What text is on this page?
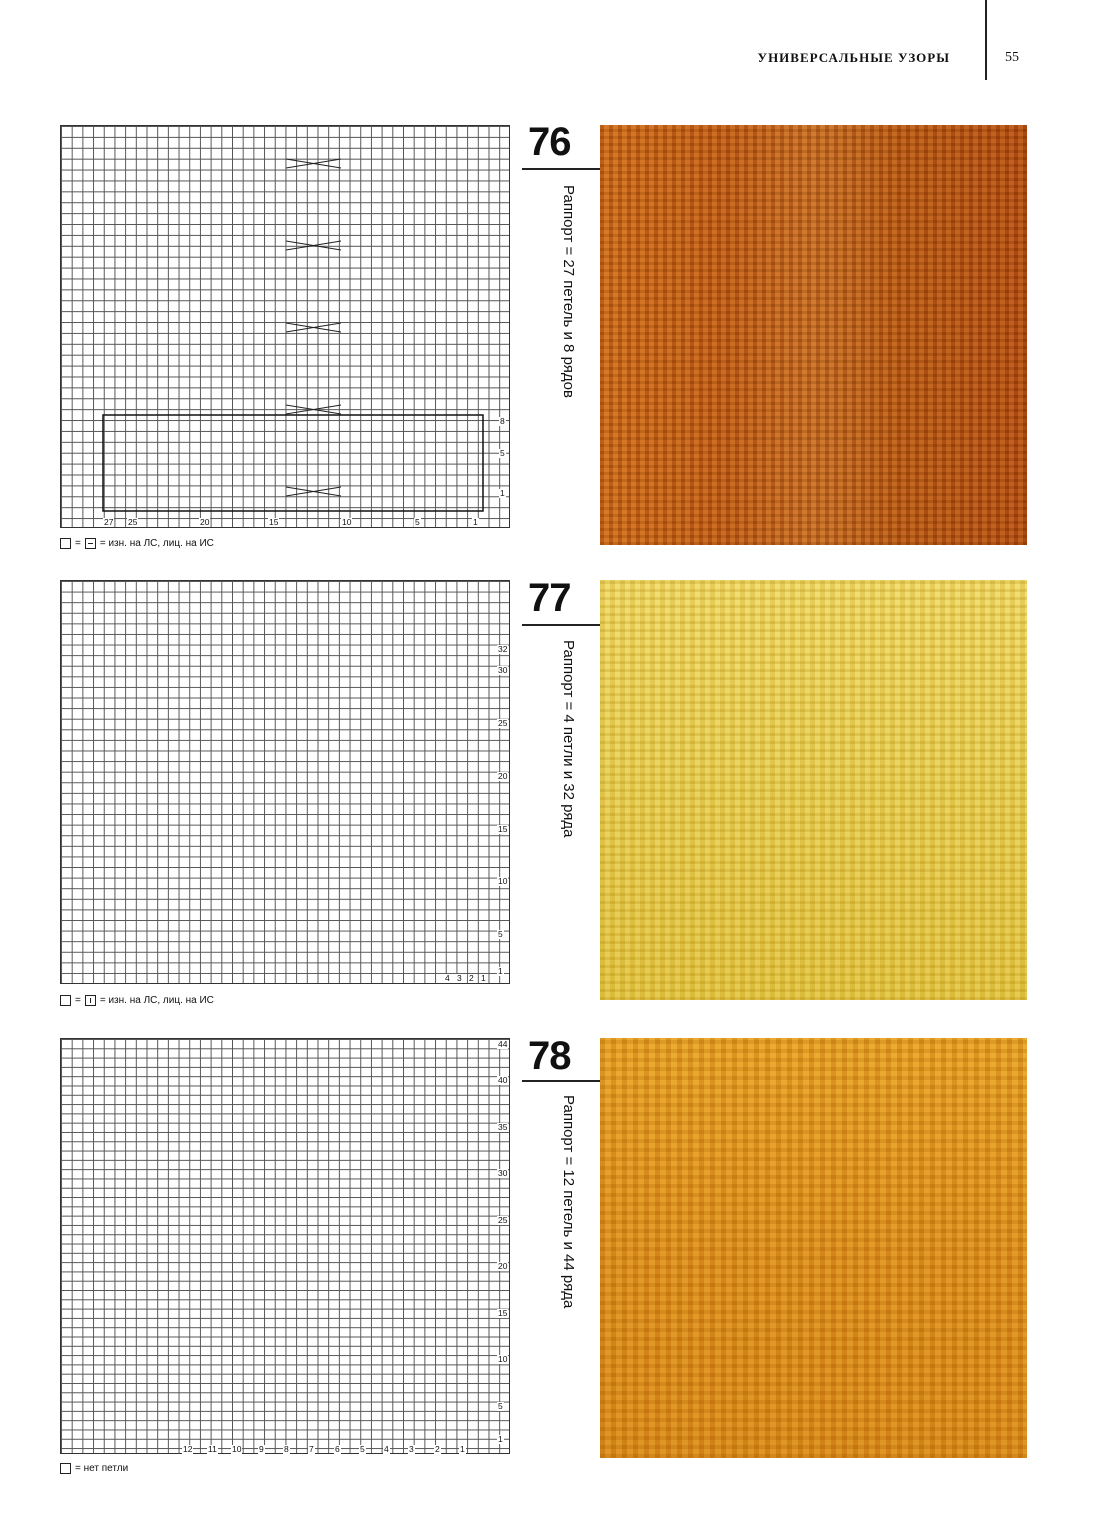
УНИВЕРСАЛЬНЫЕ УЗОРЫ	55
8
5
1
27 25	20	15	10	5	1
= = изн. на ЛС, лиц. на ИС
76
Раппорт = 27 петель и 8 рядов
32
30
25
20
15
10
5
1
4 3 2 1
= = изн. на ЛС, лиц. на ИС
77
Раппорт = 4 петли и 32 ряда
44
40
35
30
25
20
15
10
5
1
12 11 10 9 8 7	6 5 4 3	2 1
= нет петли
78
Раппорт = 12 петель и 44 ряда
